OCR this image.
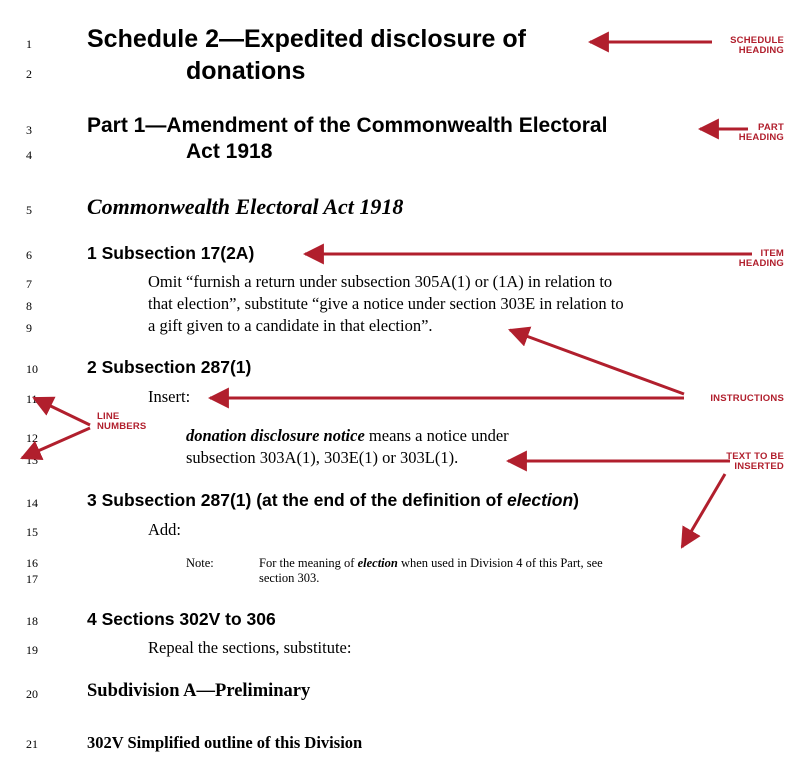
1
2
3
4
5
6
7
8
9
10
11
12
13
14
15
16
17
18
19
20
21
Schedule 2—Expedited disclosure of
donations
Part 1—Amendment of the Commonwealth Electoral
Act 1918
Commonwealth Electoral Act 1918
1 Subsection 17(2A)
Omit “furnish a return under subsection 305A(1) or (1A) in relation to
that election”, substitute “give a notice under section 303E in relation to
a gift given to a candidate in that election”.
2 Subsection 287(1)
Insert:
donation disclosure notice means a notice under
subsection 303A(1), 303E(1) or 303L(1).
3 Subsection 287(1) (at the end of the definition of election)
Add:
Note:	For the meaning of election when used in Division 4 of this Part, see
section 303.
4 Sections 302V to 306
Repeal the sections, substitute:
Subdivision A—Preliminary
302V Simplified outline of this Division
SCHEDULE
HEADING
PART
HEADING
ITEM
HEADING
INSTRUCTIONS
LINE
NUMBERS
TEXT TO BE
INSERTED
